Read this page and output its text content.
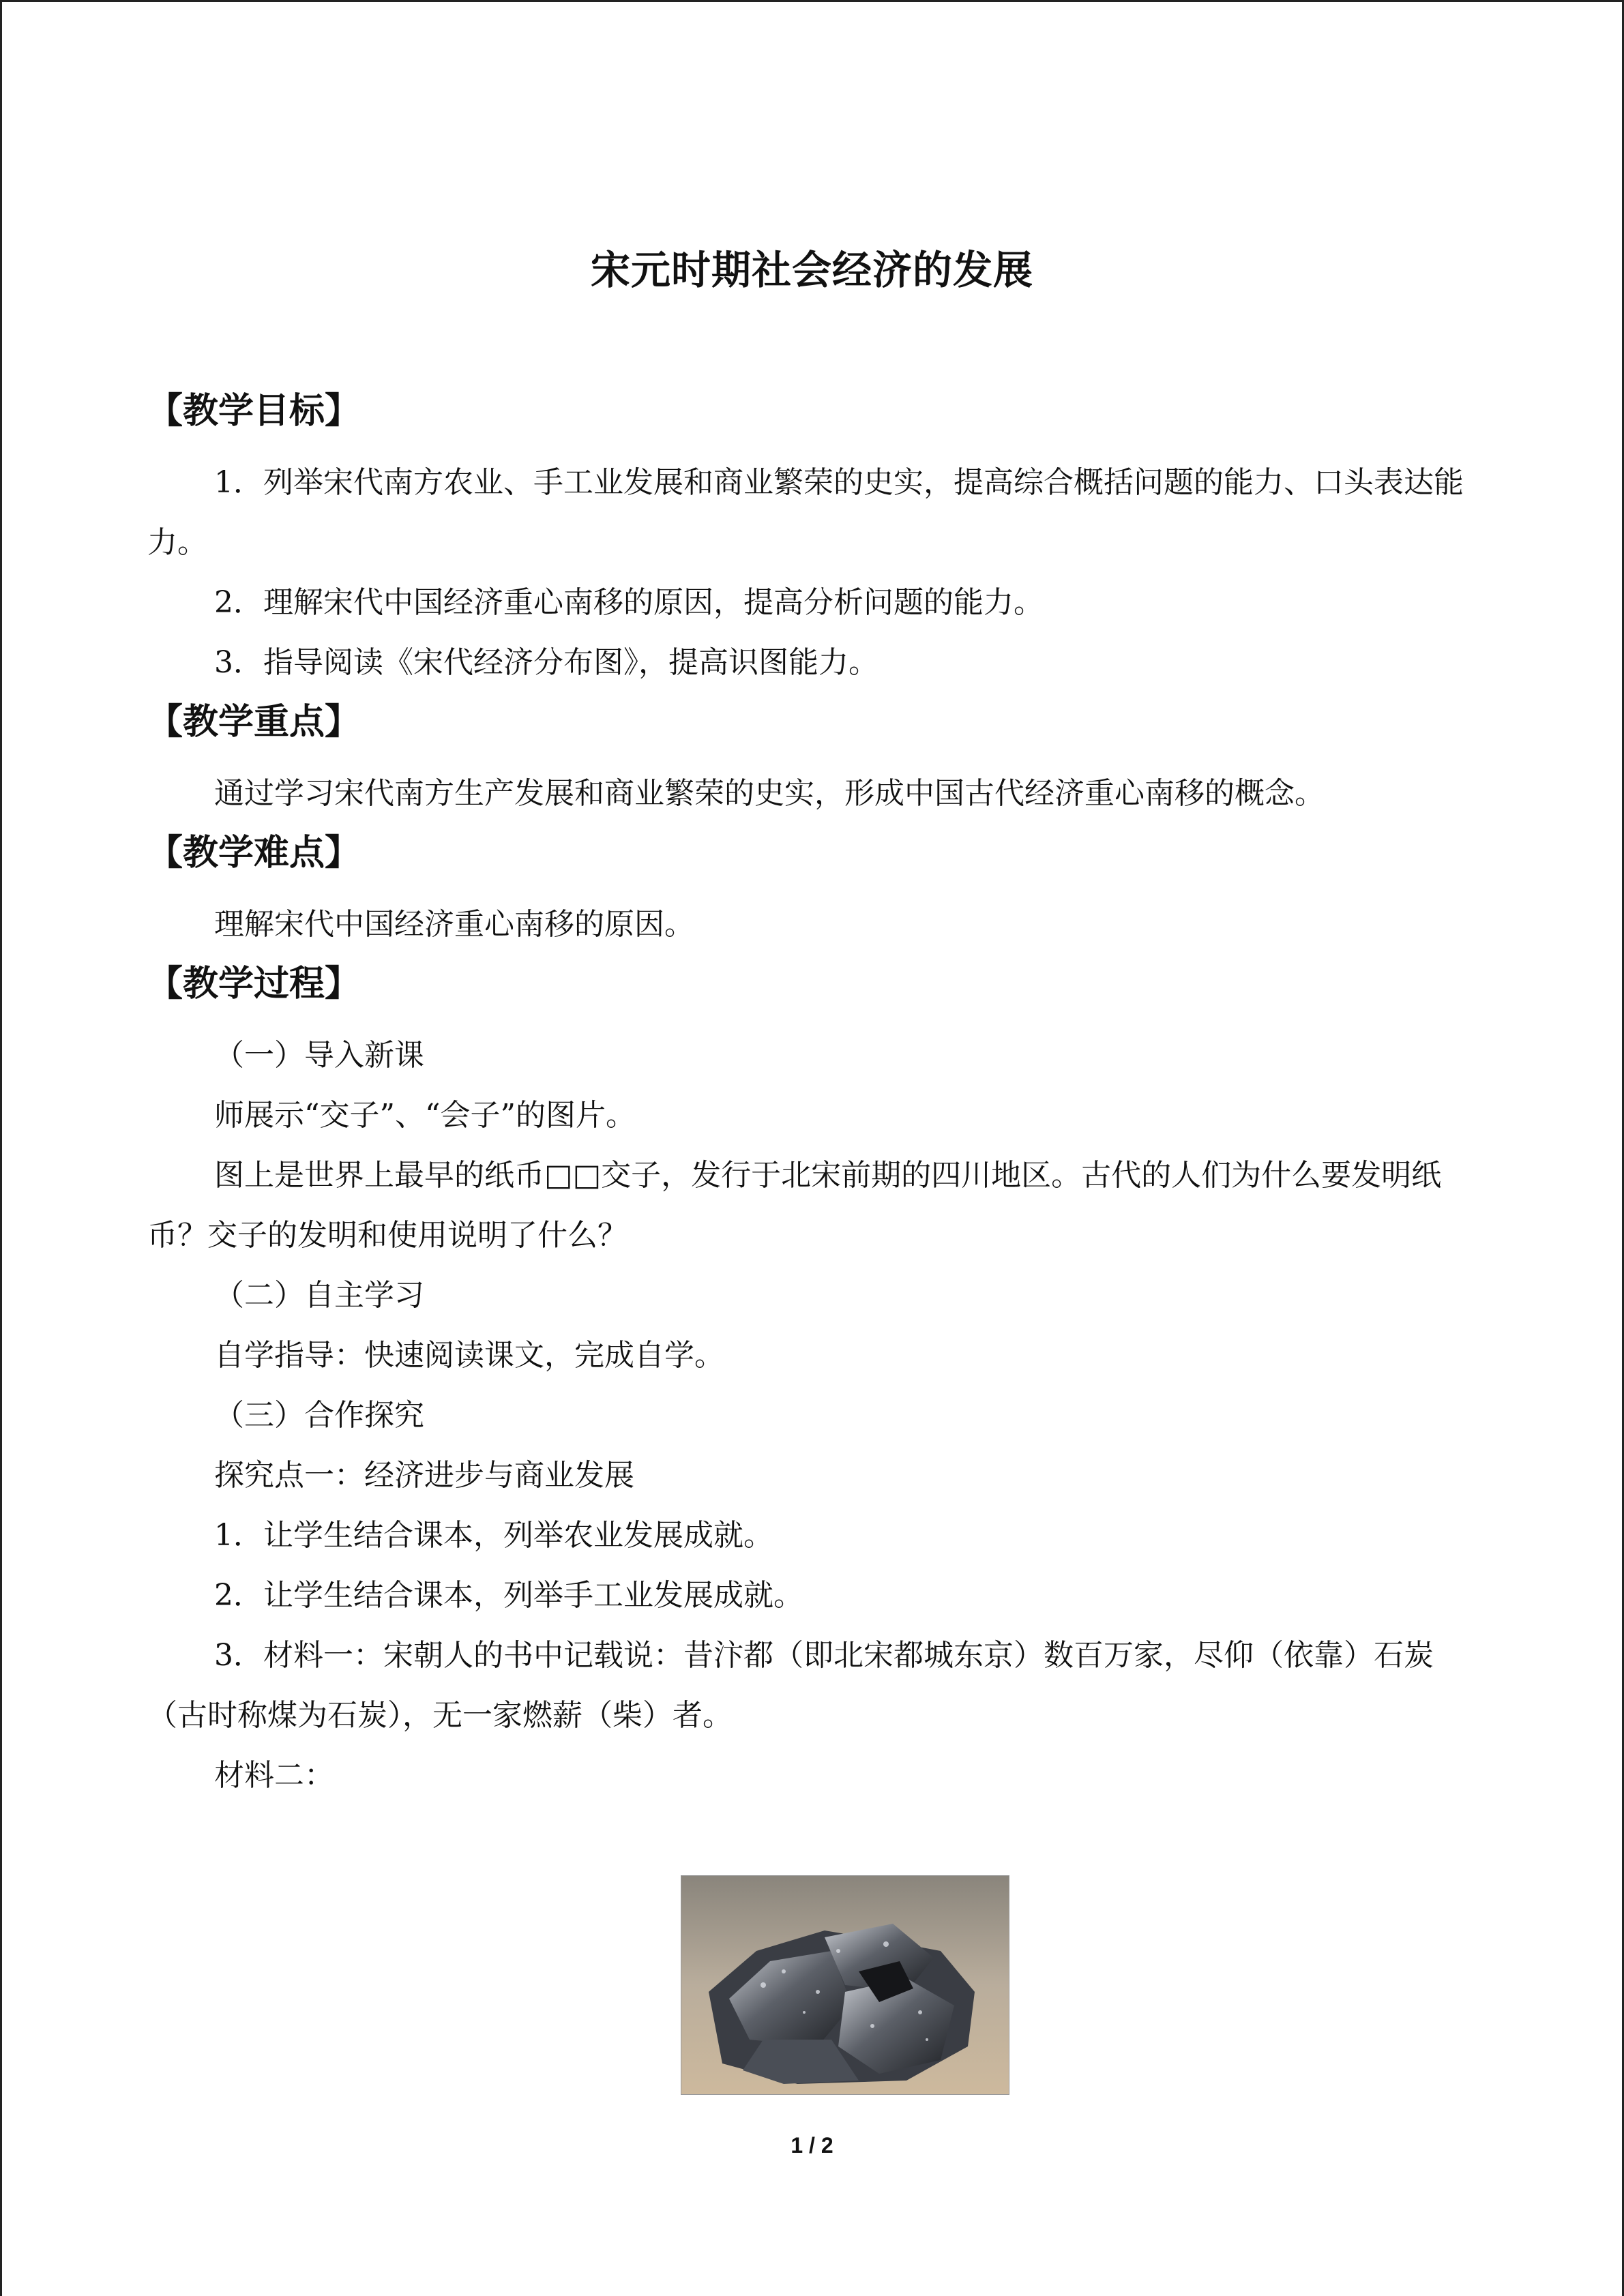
宋元时期社会经济的发展
【教学目标】

1．列举宋代南方农业、手工业发展和商业繁荣的史实，提高综合概括问题的能力、口头表达能力。

2．理解宋代中国经济重心南移的原因，提高分析问题的能力。

3．指导阅读《宋代经济分布图》，提高识图能力。

【教学重点】

通过学习宋代南方生产发展和商业繁荣的史实，形成中国古代经济重心南移的概念。

【教学难点】

理解宋代中国经济重心南移的原因。

【教学过程】

（一）导入新课

师展示“交子”、“会子”的图片。

图上是世界上最早的纸币□□交子，发行于北宋前期的四川地区。古代的人们为什么要发明纸币？交子的发明和使用说明了什么？

（二）自主学习

自学指导：快速阅读课文，完成自学。

（三）合作探究

探究点一：经济进步与商业发展

1．让学生结合课本，列举农业发展成就。

2．让学生结合课本，列举手工业发展成就。

3．材料一：宋朝人的书中记载说：昔汴都（即北宋都城东京）数百万家，尽仰（依靠）石炭（古时称煤为石炭），无一家燃薪（柴）者。

材料二：

1 / 2
